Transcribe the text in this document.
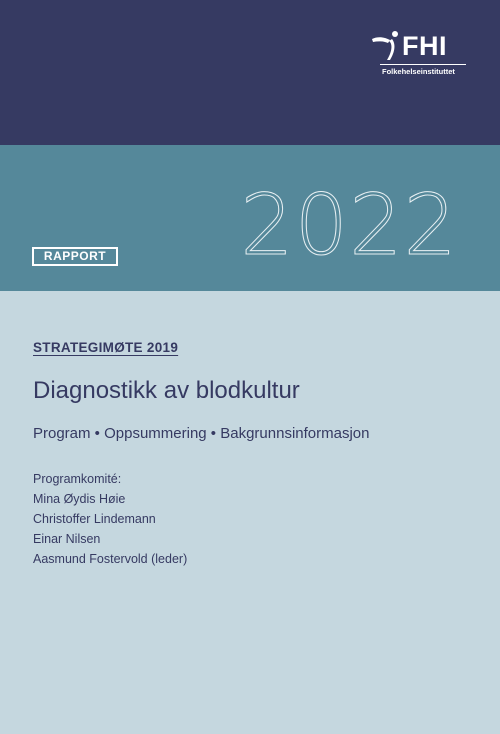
FHI
Folkehelseinstituttet
2022
RAPPORT
STRATEGIMØTE 2019
Diagnostikk av blodkultur
Program • Oppsummering • Bakgrunnsinformasjon
Programkomité:
Mina Øydis Høie
Christoffer Lindemann
Einar Nilsen
Aasmund Fostervold (leder)
